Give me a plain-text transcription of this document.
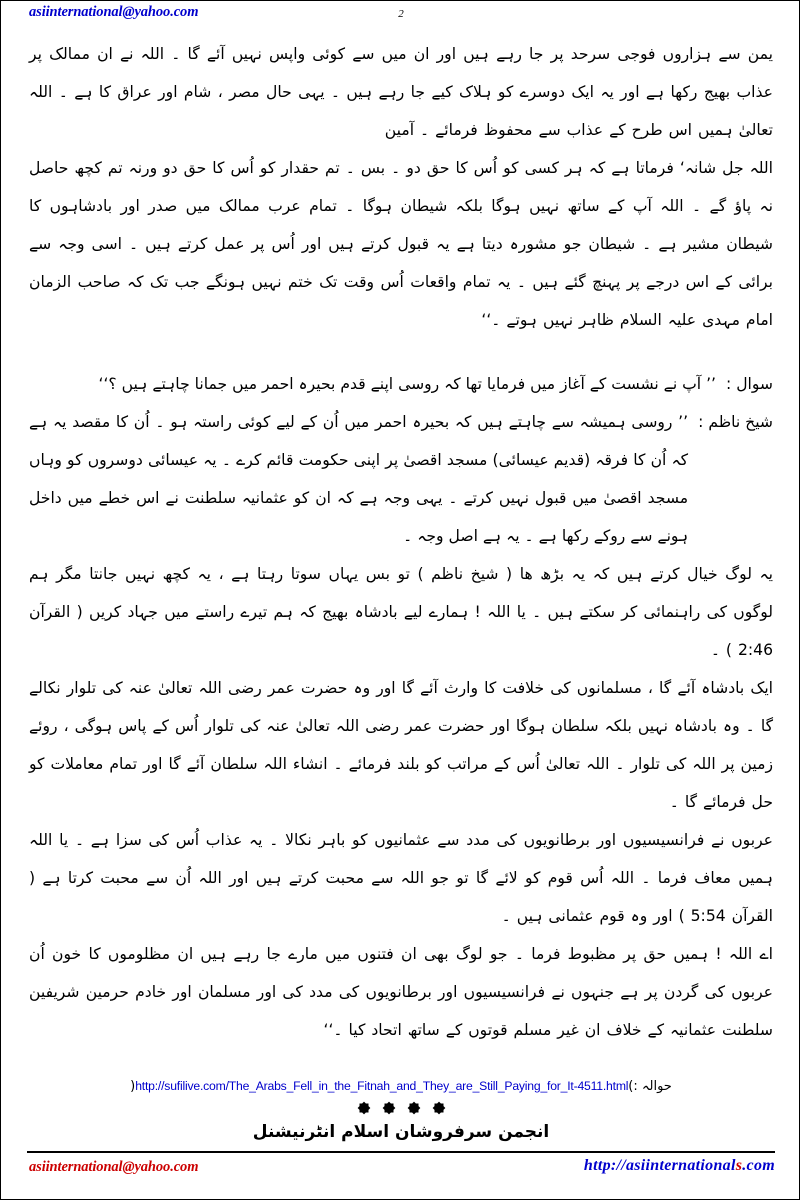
asiinternational@yahoo.com	2

یمن سے ہزاروں فوجی سرحد پر جا رہے ہیں اور ان میں سے کوئی واپس نہیں آئے گا ۔ اللہ نے ان ممالک پر عذاب بھیج رکھا ہے اور یہ ایک دوسرے کو ہلاک کیے جا رہے ہیں ۔ یہی حال مصر ، شام اور عراق کا ہے ۔ اللہ تعالیٰ ہمیں اس طرح کے عذاب سے محفوظ فرمائے ۔ آمین

اللہ جل شانہ‘ فرماتا ہے کہ ہر کسی کو اُس کا حق دو ۔ بس ۔ تم حقدار کو اُس کا حق دو ورنہ تم کچھ حاصل نہ پاؤ گے ۔ اللہ آپ کے ساتھ نہیں ہوگا بلکہ شیطان ہوگا ۔ تمام عرب ممالک میں صدر اور بادشاہوں کا شیطان مشیر ہے ۔ شیطان جو مشورہ دیتا ہے یہ قبول کرتے ہیں اور اُس پر عمل کرتے ہیں ۔ اسی وجہ سے برائی کے اس درجے پر پہنچ گئے ہیں ۔ یہ تمام واقعات اُس وقت تک ختم نہیں ہونگے جب تک کہ صاحب الزمان امام مہدی علیہ السلام ظاہر نہیں ہوتے ۔‘‘

سوال :
’’ آپ نے نشست کے آغاز میں فرمایا تھا کہ روسی اپنے قدم بحیرہ احمر میں جمانا چاہتے ہیں ؟‘‘
شیخ ناظم :
’’ روسی ہمیشہ سے چاہتے ہیں کہ بحیرہ احمر میں اُن کے لیے کوئی راستہ ہو ۔ اُن کا مقصد یہ ہے کہ اُن کا فرقہ (قدیم عیسائی) مسجد اقصیٰ پر اپنی حکومت قائم کرے ۔ یہ عیسائی دوسروں کو وہاں مسجد اقصیٰ میں قبول نہیں کرتے ۔ یہی وجہ ہے کہ ان کو عثمانیہ سلطنت نے اس خطے میں داخل ہونے سے روکے رکھا ہے ۔ یہ ہے اصل وجہ ۔

یہ لوگ خیال کرتے ہیں کہ یہ بڑھ ھا ( شیخ ناظم ) تو بس یہاں سوتا رہتا ہے ، یہ کچھ نہیں جانتا مگر ہم لوگوں کی راہنمائی کر سکتے ہیں ۔ یا اللہ ! ہمارے لیے بادشاہ بھیج کہ ہم تیرے راستے میں جہاد کریں ( القرآن 2:46 ) ۔

ایک بادشاہ آئے گا ، مسلمانوں کی خلافت کا وارث آئے گا اور وہ حضرت عمر رضی اللہ تعالیٰ عنہ کی تلوار نکالے گا ۔ وہ بادشاہ نہیں بلکہ سلطان ہوگا اور حضرت عمر رضی اللہ تعالیٰ عنہ کی تلوار اُس کے پاس ہوگی ، روئے زمین پر اللہ کی تلوار ۔ اللہ تعالیٰ اُس کے مراتب کو بلند فرمائے ۔ انشاء اللہ سلطان آئے گا اور تمام معاملات کو حل فرمائے گا ۔

عربوں نے فرانسیسیوں اور برطانویوں کی مدد سے عثمانیوں کو باہر نکالا ۔ یہ عذاب اُس کی سزا ہے ۔ یا اللہ ہمیں معاف فرما ۔ اللہ اُس قوم کو لائے گا تو جو اللہ سے محبت کرتے ہیں اور اللہ اُن سے محبت کرتا ہے ( القرآن 5:54 ) اور وہ قوم عثمانی ہیں ۔

اے اللہ ! ہمیں حق پر مظبوط فرما ۔ جو لوگ بھی ان فتنوں میں مارے جا رہے ہیں ان مظلوموں کا خون اُن عربوں کی گردن پر ہے جنہوں نے فرانسیسیوں اور برطانویوں کی مدد کی اور مسلمان اور خادم حرمین شریفین سلطنت عثمانیہ کے خلاف ان غیر مسلم قوتوں کے ساتھ اتحاد کیا ۔‘‘

حوالہ :)http://sufilive.com/The_Arabs_Fell_in_the_Fitnah_and_They_are_Still_Paying_for_It-4511.html(

انجمن سرفروشان اسلام انٹرنیشنل
asiinternational@yahoo.com	http://asiinternationals.com
